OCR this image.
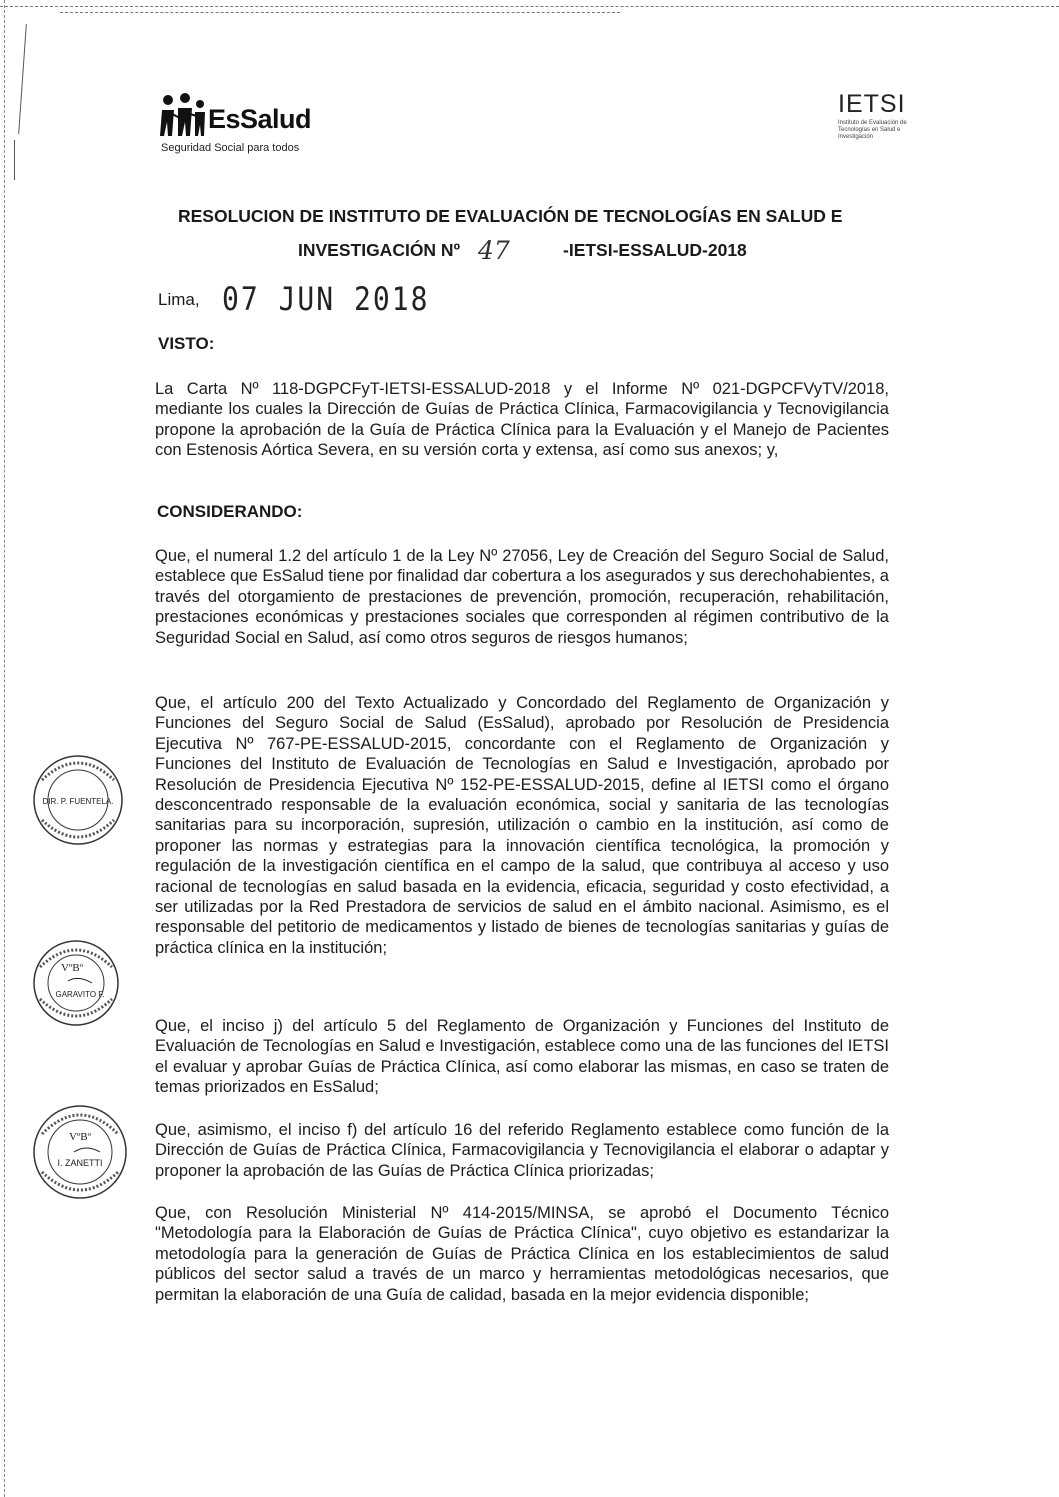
EsSalud
Seguridad Social para todos
IETSI
Instituto de Evaluación de Tecnologías en Salud e Investigación
RESOLUCION DE INSTITUTO DE EVALUACIÓN DE TECNOLOGÍAS EN SALUD E
INVESTIGACIÓN Nº 47	-IETSI-ESSALUD-2018
Lima, 07 JUN 2018
VISTO:
La Carta Nº 118-DGPCFyT-IETSI-ESSALUD-2018 y el Informe Nº 021-DGPCFVyTV/2018, mediante los cuales la Dirección de Guías de Práctica Clínica, Farmacovigilancia y Tecnovigilancia propone la aprobación de la Guía de Práctica Clínica para la Evaluación y el Manejo de Pacientes con Estenosis Aórtica Severa, en su versión corta y extensa, así como sus anexos; y,
CONSIDERANDO:
Que, el numeral 1.2 del artículo 1 de la Ley Nº 27056, Ley de Creación del Seguro Social de Salud, establece que EsSalud tiene por finalidad dar cobertura a los asegurados y sus derechohabientes, a través del otorgamiento de prestaciones de prevención, promoción, recuperación, rehabilitación, prestaciones económicas y prestaciones sociales que corresponden al régimen contributivo de la Seguridad Social en Salud, así como otros seguros de riesgos humanos;
Que, el artículo 200 del Texto Actualizado y Concordado del Reglamento de Organización y Funciones del Seguro Social de Salud (EsSalud), aprobado por Resolución de Presidencia Ejecutiva Nº 767-PE-ESSALUD-2015, concordante con el Reglamento de Organización y Funciones del Instituto de Evaluación de Tecnologías en Salud e Investigación, aprobado por Resolución de Presidencia Ejecutiva Nº 152-PE-ESSALUD-2015, define al IETSI como el órgano desconcentrado responsable de la evaluación económica, social y sanitaria de las tecnologías sanitarias para su incorporación, supresión, utilización o cambio en la institución, así como de proponer las normas y estrategias para la innovación científica tecnológica, la promoción y regulación de la investigación científica en el campo de la salud, que contribuya al acceso y uso racional de tecnologías en salud basada en la evidencia, eficacia, seguridad y costo efectividad, a ser utilizadas por la Red Prestadora de servicios de salud en el ámbito nacional. Asimismo, es el responsable del petitorio de medicamentos y listado de bienes de tecnologías sanitarias y guías de práctica clínica en la institución;
Que, el inciso j) del artículo 5 del Reglamento de Organización y Funciones del Instituto de Evaluación de Tecnologías en Salud e Investigación, establece como una de las funciones del IETSI el evaluar y aprobar Guías de Práctica Clínica, así como elaborar las mismas, en caso se traten de temas priorizados en EsSalud;
Que, asimismo, el inciso f) del artículo 16 del referido Reglamento establece como función de la Dirección de Guías de Práctica Clínica, Farmacovigilancia y Tecnovigilancia el elaborar o adaptar y proponer la aprobación de las Guías de Práctica Clínica priorizadas;
Que, con Resolución Ministerial Nº 414-2015/MINSA, se aprobó el Documento Técnico "Metodología para la Elaboración de Guías de Práctica Clínica", cuyo objetivo es estandarizar la metodología para la generación de Guías de Práctica Clínica en los establecimientos de salud públicos del sector salud a través de un marco y herramientas metodológicas necesarios, que permitan la elaboración de una Guía de calidad, basada en la mejor evidencia disponible;
DIR. P. FUENTELA.
VºBº
GARAVITO F.
VºBº
I. ZANETTI
